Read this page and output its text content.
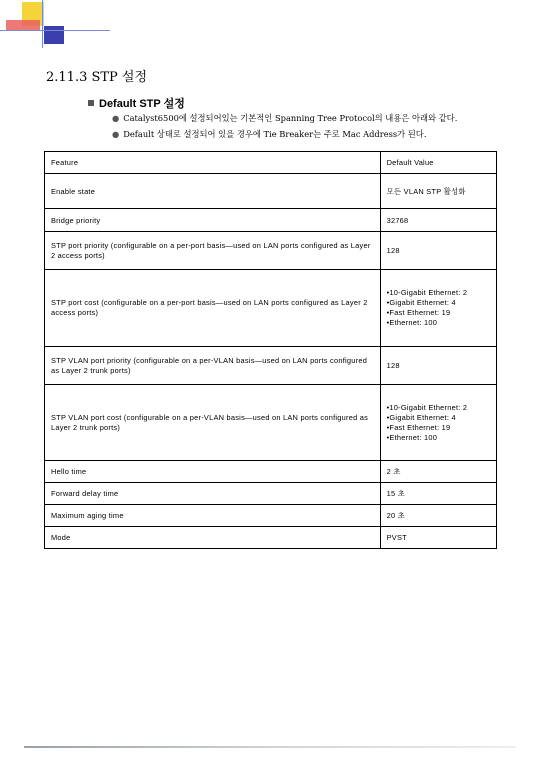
2.11.3 STP 설정
Default STP 설정
● Catalyst6500에 설정되어있는 기본적인 Spanning Tree Protocol의 내용은 아래와 같다.
● Default 상태로 설정되어 있을 경우에 Tie Breaker는 주로 Mac Address가 된다.
Feature	Default Value
Enable state	모든 VLAN STP 활성화
Bridge priority	32768
STP port priority (configurable on a per-port basis—used on LAN ports configured as Layer 2 access ports)	128
STP port cost (configurable on a per-port basis—used on LAN ports configured as Layer 2 access ports)	•10-Gigabit Ethernet: 2
•Gigabit Ethernet: 4
•Fast Ethernet: 19
•Ethernet: 100

STP VLAN port priority (configurable on a per-VLAN basis—used on LAN ports configured as Layer 2 trunk ports)	128
STP VLAN port cost (configurable on a per-VLAN basis—used on LAN ports configured as Layer 2 trunk ports)	•10-Gigabit Ethernet: 2
•Gigabit Ethernet: 4
•Fast Ethernet: 19
•Ethernet: 100

Hello time	2 초
Forward delay time	15 초
Maximum aging time	20 초
Mode	PVST
